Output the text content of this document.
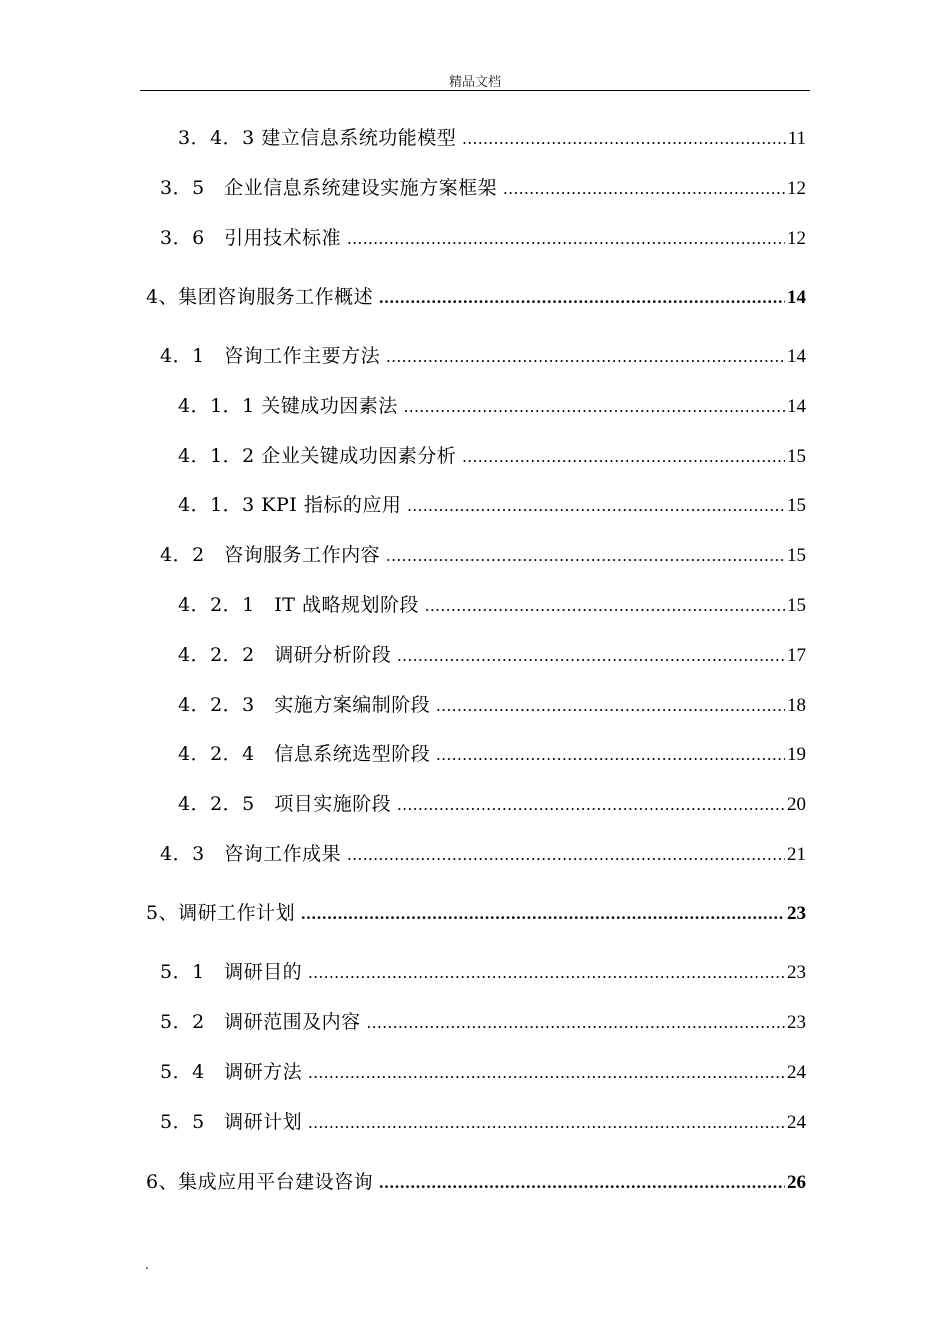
精品文档
3．4．3 建立信息系统功能模型 .....	11
3．5　企业信息系统建设实施方案框架 .....	12
3．6　引用技术标准 .....	12
4、集团咨询服务工作概述 .....	14
4．1　咨询工作主要方法 .....	14
4．1．1 关键成功因素法 .....	14
4．1．2 企业关键成功因素分析 .....	15
4．1．3 KPI 指标的应用 .....	15
4．2　咨询服务工作内容 .....	15
4．2．1　IT 战略规划阶段 .....	15
4．2．2　调研分析阶段 .....	17
4．2．3　实施方案编制阶段 .....	18
4．2．4　信息系统选型阶段 .....	19
4．2．5　项目实施阶段 .....	20
4．3　咨询工作成果 .....	21
5、调研工作计划 .....	23
5．1　调研目的 .....	23
5．2　调研范围及内容 .....	23
5．4　调研方法 .....	24
5．5　调研计划 .....	24
6、集成应用平台建设咨询 .....	26
.
